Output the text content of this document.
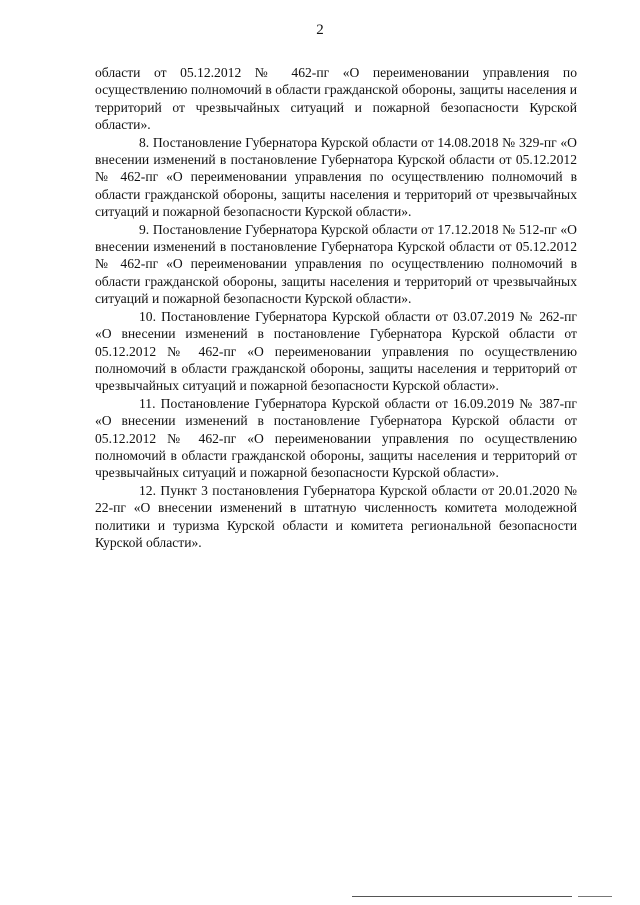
2

области от 05.12.2012 № 462-пг «О переименовании управления по осуществлению полномочий в области гражданской обороны, защиты населения и территорий от чрезвычайных ситуаций и пожарной безопасности Курской области».

8. Постановление Губернатора Курской области от 14.08.2018 № 329-пг «О внесении изменений в постановление Губернатора Курской области от 05.12.2012 № 462-пг «О переименовании управления по осуществлению полномочий в области гражданской обороны, защиты населения и территорий от чрезвычайных ситуаций и пожарной безопасности Курской области».

9. Постановление Губернатора Курской области от 17.12.2018 № 512-пг «О внесении изменений в постановление Губернатора Курской области от 05.12.2012 № 462-пг «О переименовании управления по осуществлению полномочий в области гражданской обороны, защиты населения и территорий от чрезвычайных ситуаций и пожарной безопасности Курской области».

10. Постановление Губернатора Курской области от 03.07.2019 № 262-пг «О внесении изменений в постановление Губернатора Курской области от 05.12.2012 № 462-пг «О переименовании управления по осуществлению полномочий в области гражданской обороны, защиты населения и территорий от чрезвычайных ситуаций и пожарной безопасности Курской области».

11. Постановление Губернатора Курской области от 16.09.2019 № 387-пг «О внесении изменений в постановление Губернатора Курской области от 05.12.2012 № 462-пг «О переименовании управления по осуществлению полномочий в области гражданской обороны, защиты населения и территорий от чрезвычайных ситуаций и пожарной безопасности Курской области».

12. Пункт 3 постановления Губернатора Курской области от 20.01.2020 № 22-пг «О внесении изменений в штатную численность комитета молодежной политики и туризма Курской области и комитета региональной безопасности Курской области».
